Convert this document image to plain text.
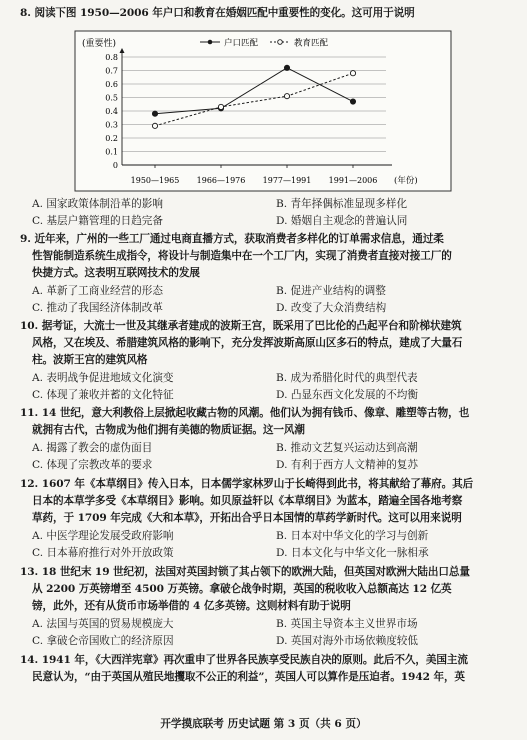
8. 阅读下图 1950—2006 年户口和教育在婚姻匹配中重要性的变化。这可用于说明
(重要性)	户口匹配	教育匹配
0
0.1
0.2
0.3
0.4
0.5
0.6
0.7
0.8
1950—1965 1966—1976 1977—1991 1991—2006 (年份)
A. 国家政策体制沿革的影响	B. 青年择偶标准显现多样化
C. 基层户籍管理的日趋完备	D. 婚姻自主观念的普遍认同
9. 近年来，广州的一些工厂通过电商直播方式，获取消费者多样化的订单需求信息，通过柔
性智能制造系统生成指令，将设计与制造集中在一个工厂内，实现了消费者直接对接工厂的
快捷方式。这表明互联网技术的发展
A. 革新了工商业经营的形态	B. 促进产业结构的调整
C. 推动了我国经济体制改革	D. 改变了大众消费结构
10. 据考证，大流士一世及其继承者建成的波斯王宫，既采用了巴比伦的凸起平台和阶梯状建筑
风格，又在埃及、希腊建筑风格的影响下，充分发挥波斯高原山区多石的特点，建成了大量石
柱。波斯王宫的建筑风格
A. 表明战争促进地域文化演变	B. 成为希腊化时代的典型代表
C. 体现了兼收并蓄的文化特征	D. 凸显东西文化发展的不均衡
11. 14 世纪，意大利教俗上层掀起收藏古物的风潮。他们认为拥有钱币、像章、雕塑等古物，也
就拥有古代，古物成为他们拥有美德的物质证据。这一风潮
A. 揭露了教会的虚伪面目	B. 推动文艺复兴运动达到高潮
C. 体现了宗教改革的要求	D. 有利于西方人文精神的复苏
12. 1607 年《本草纲目》传入日本，日本儒学家林罗山于长崎得到此书，将其献给了幕府。其后
日本的本草学多受《本草纲目》影响。如贝原益轩以《本草纲目》为蓝本，踏遍全国各地考察
草药，于 1709 年完成《大和本草》，开拓出合乎日本国情的草药学新时代。这可以用来说明
A. 中医学理论发展受政府影响	B. 日本对中华文化的学习与创新
C. 日本幕府推行对外开放政策	D. 日本文化与中华文化一脉相承
13. 18 世纪末 19 世纪初，法国对英国封锁了其占领下的欧洲大陆，但英国对欧洲大陆出口总量
从 2200 万英镑增至 4500 万英镑。拿破仑战争时期，英国的税收收入总额高达 12 亿英
镑，此外，还有从货币市场举借的 4 亿多英镑。这则材料有助于说明
A. 法国与英国的贸易规模庞大	B. 英国主导资本主义世界市场
C. 拿破仑帝国败亡的经济原因	D. 英国对海外市场依赖度较低
14. 1941 年，《大西洋宪章》再次重申了世界各民族享受民族自决的原则。此后不久，美国主流
民意认为，“由于英国从殖民地攫取不公正的利益”，英国人可以算作是压迫者。1942 年，英
开学摸底联考 历史试题 第 3 页（共 6 页）
